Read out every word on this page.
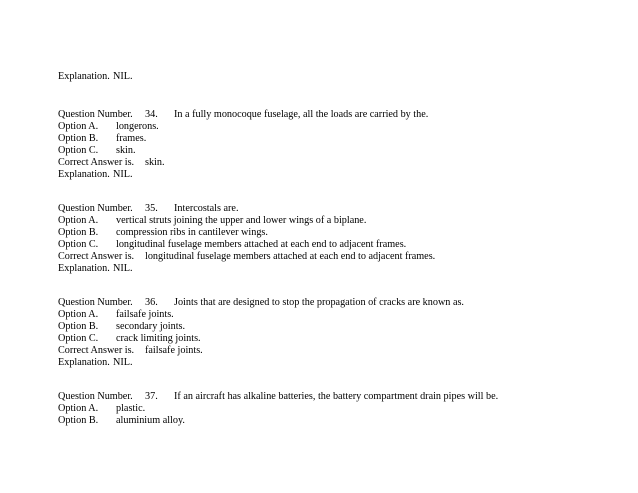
Explanation. NIL.
Question Number. 34. In a fully monocoque fuselage, all the loads are carried by the.
Option A. longerons.
Option B. frames.
Option C. skin.
Correct Answer is. skin.
Explanation. NIL.
Question Number. 35. Intercostals are.
Option A. vertical struts joining the upper and lower wings of a biplane.
Option B. compression ribs in cantilever wings.
Option C. longitudinal fuselage members attached at each end to adjacent frames.
Correct Answer is. longitudinal fuselage members attached at each end to adjacent frames.
Explanation. NIL.
Question Number. 36. Joints that are designed to stop the propagation of cracks are known as.
Option A. failsafe joints.
Option B. secondary joints.
Option C. crack limiting joints.
Correct Answer is. failsafe joints.
Explanation. NIL.
Question Number. 37. If an aircraft has alkaline batteries, the battery compartment drain pipes will be.
Option A. plastic.
Option B. aluminium alloy.
